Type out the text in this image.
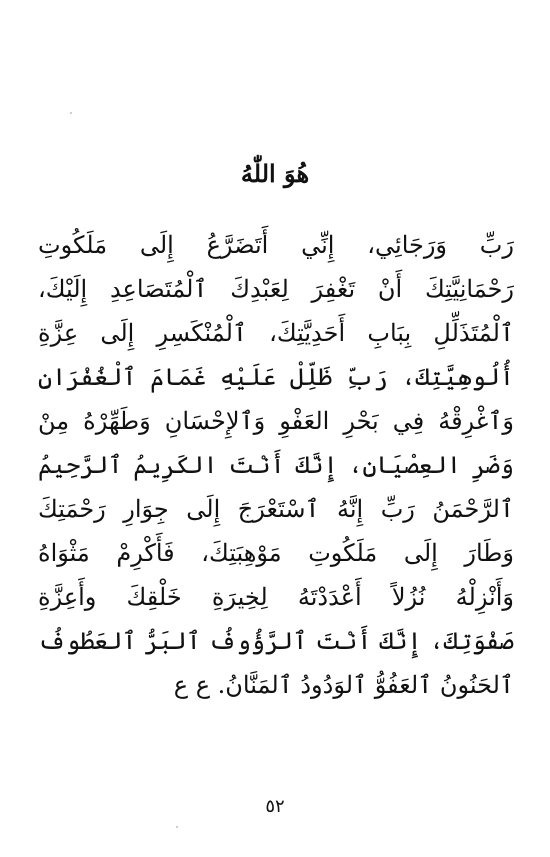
هُوَ اللّٰهُ
رَبِّ وَرَجَائِي، إِنِّي أَتَضَرَّعُ إِلَى مَلَكُوتِ
رَحْمَانِيَّتِكَ أَنْ تَغْفِرَ لِعَبْدِكَ ٱلْمُتَصَاعِدِ إِلَيْكَ،
ٱلْمُتَذَلِّلِ بِبَابِ أَحَدِيَّتِكَ، ٱلْمُنْكَسِرِ إِلَى عِزَّةِ
أُلُوهِيَّتِكَ، رَبِّ ظَلِّلْ عَلَيْهِ غَمَامَ ٱلْغُفْرَانِ
وَٱغْرِقْهُ فِي بَحْرِ العَفْوِ وَٱلإِحْسَانِ وَطَهِّرْهُ مِنْ
وَضَرِ العِصْيَانِ، إِنَّكَ أَنْتَ الكَرِيمُ ٱلرَّحِيمُ
ٱلرَّحْمَنُ رَبِّ إِنَّهُ ٱسْتَعْرَجَ إِلَى جِوَارِ رَحْمَتِكَ
وَطَارَ إِلَى مَلَكُوتِ مَوْهِبَتِكَ، فَأَكْرِمْ مَثْوَاهُ
وَأَنْزِلْهُ نُزُلاً أَعْدَدْتَهُ لِخِيرَةِ خَلْقِكَ وأَعِزَّةِ
صَفْوَتِكَ، إِنَّكَ أَنْتَ ٱلرَّؤُوفُ ٱلبَرُّ ٱلعَطُوفُ
ٱلحَنُونُ ٱلعَفُوُّ ٱلوَدُودُ ٱلمَنَّانُ. ع ع
٥٢
